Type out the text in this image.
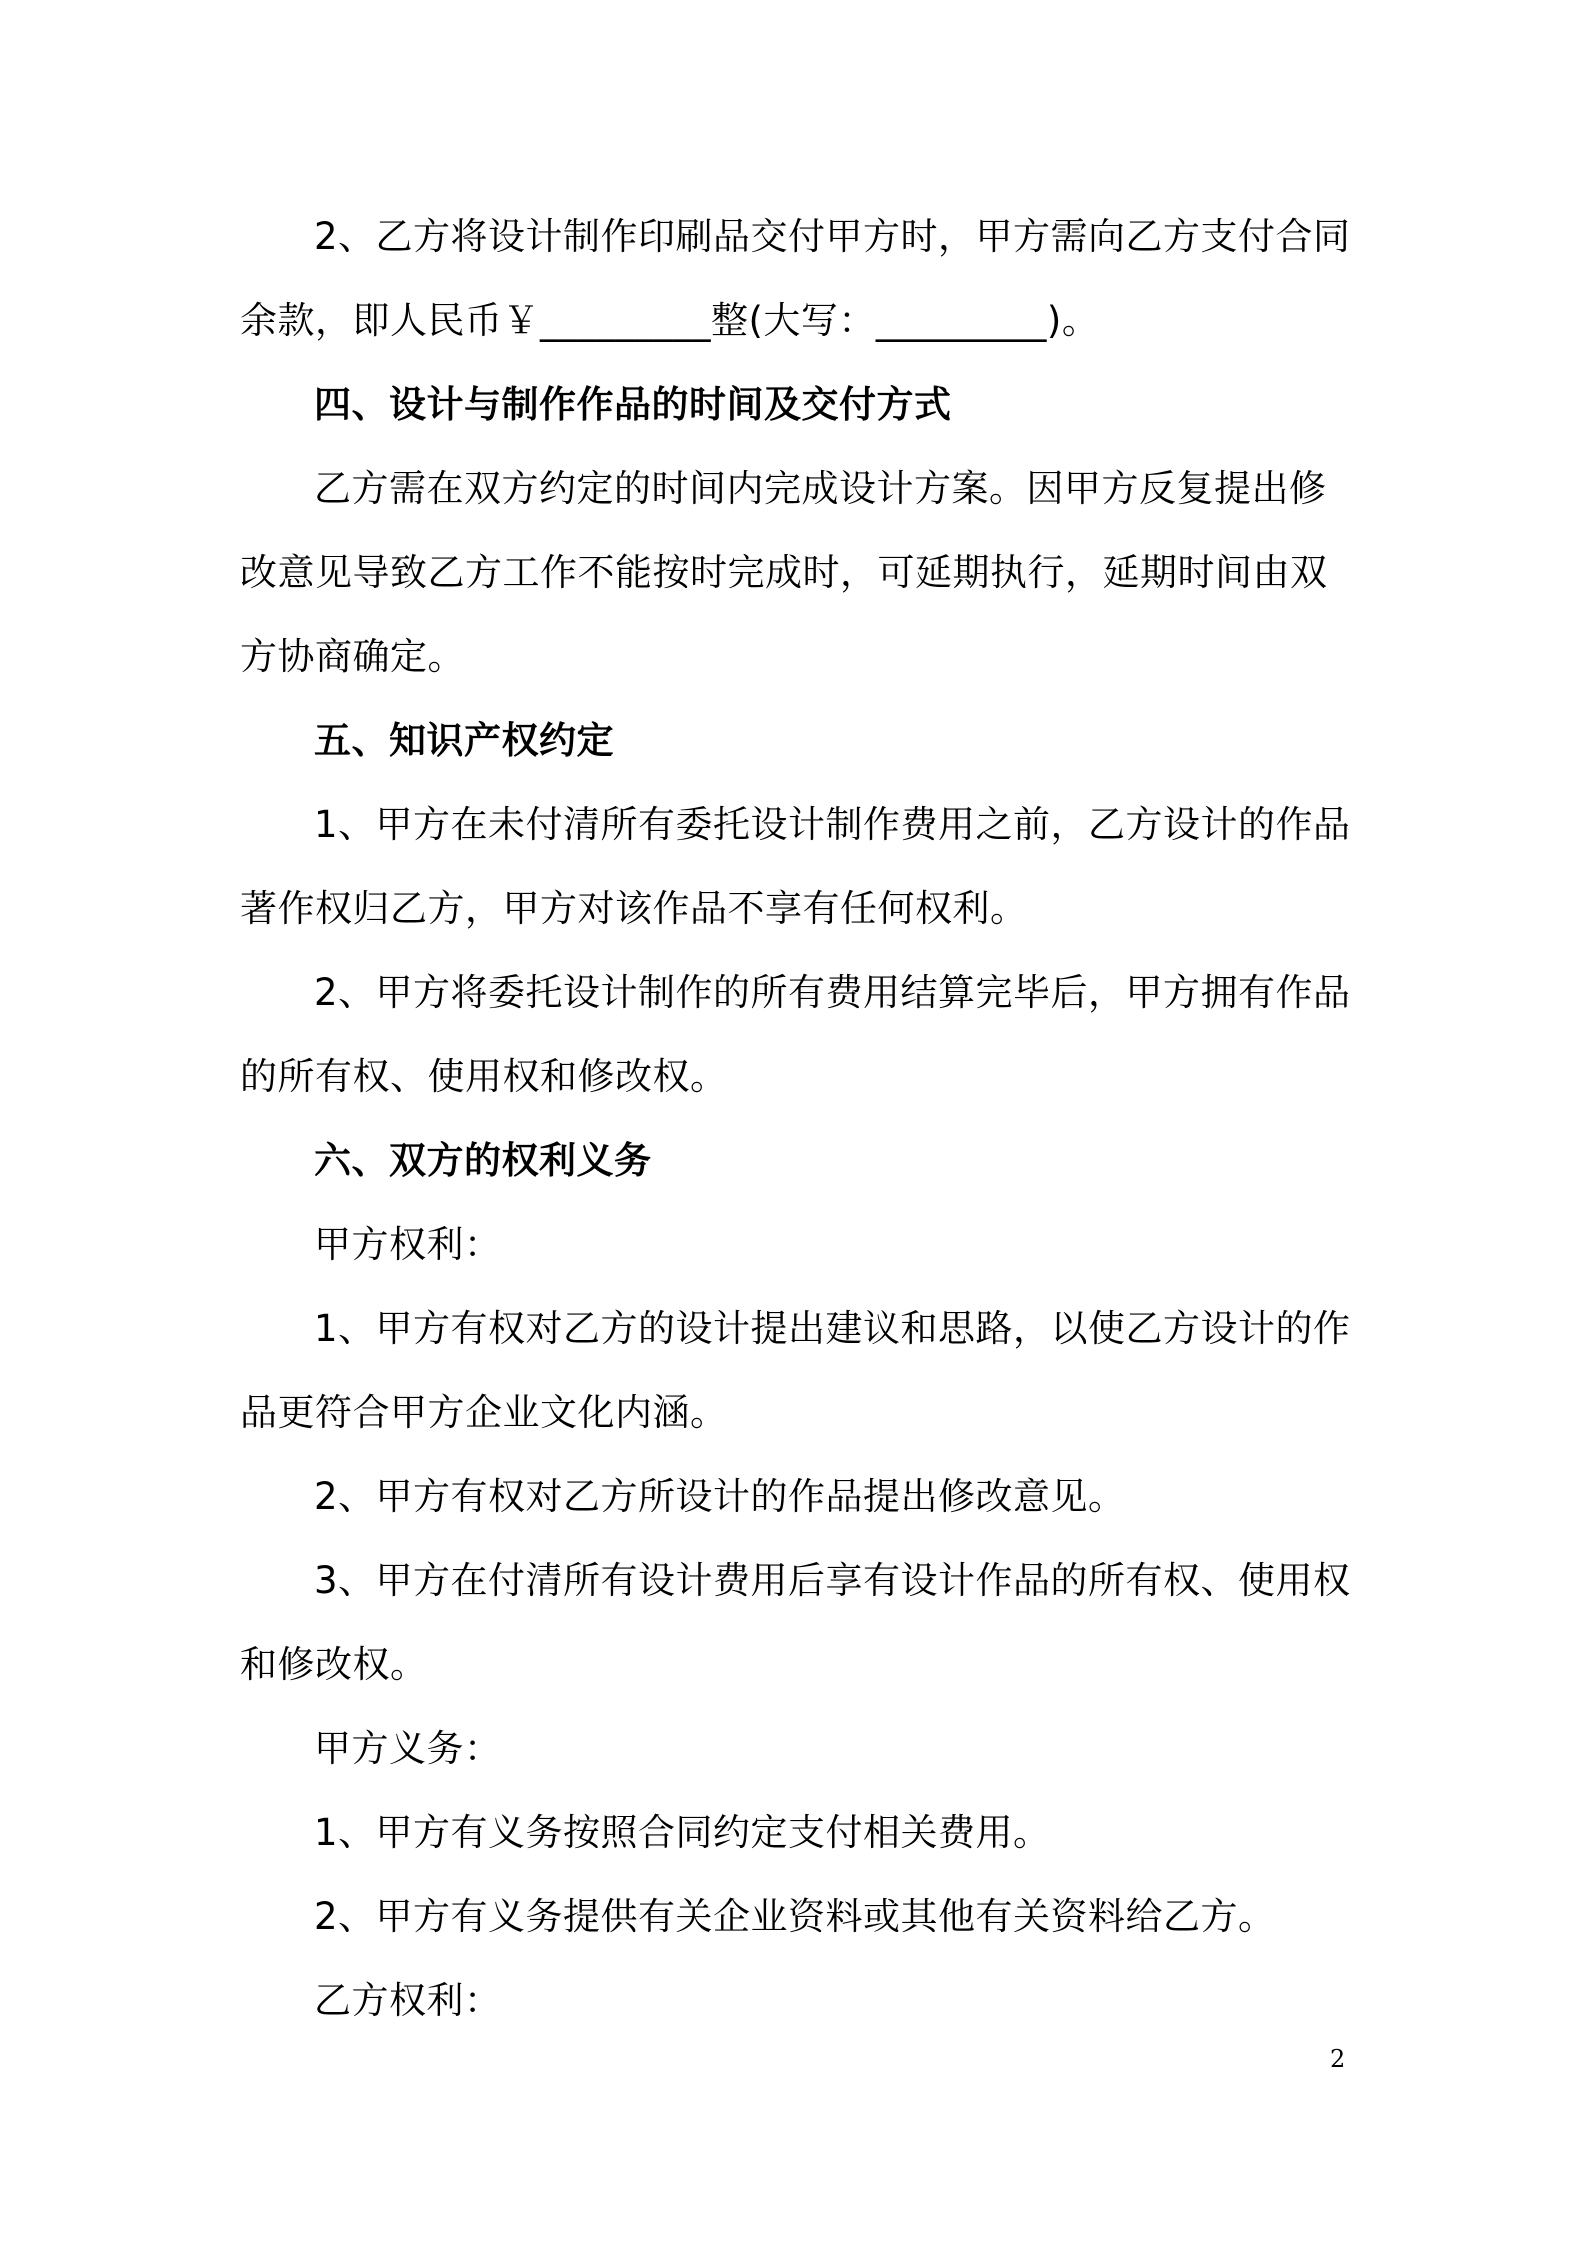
2、乙方将设计制作印刷品交付甲方时，甲方需向乙方支付合同余款，即人民币￥_________整(大写：_________)。

四、设计与制作作品的时间及交付方式

乙方需在双方约定的时间内完成设计方案。因甲方反复提出修改意见导致乙方工作不能按时完成时，可延期执行，延期时间由双方协商确定。

五、知识产权约定

1、甲方在未付清所有委托设计制作费用之前，乙方设计的作品著作权归乙方，甲方对该作品不享有任何权利。

2、甲方将委托设计制作的所有费用结算完毕后，甲方拥有作品的所有权、使用权和修改权。

六、双方的权利义务

甲方权利：

1、甲方有权对乙方的设计提出建议和思路，以使乙方设计的作品更符合甲方企业文化内涵。

2、甲方有权对乙方所设计的作品提出修改意见。

3、甲方在付清所有设计费用后享有设计作品的所有权、使用权和修改权。

甲方义务：

1、甲方有义务按照合同约定支付相关费用。

2、甲方有义务提供有关企业资料或其他有关资料给乙方。

乙方权利：

2
